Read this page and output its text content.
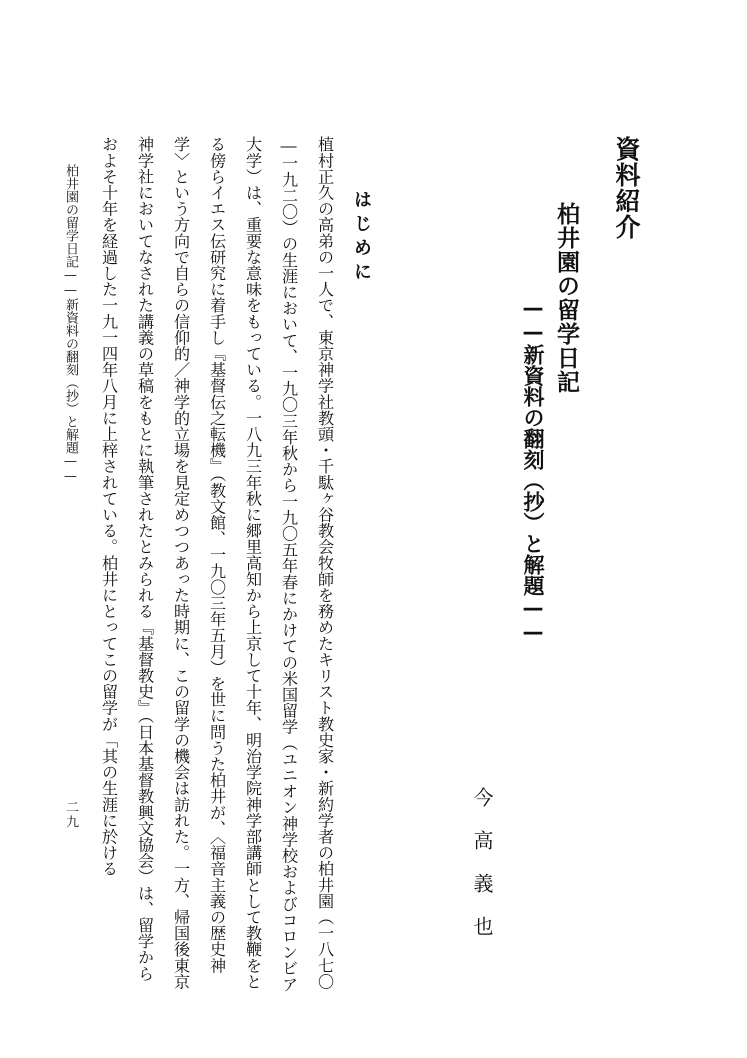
資料紹介
柏井園の留学日記
——新資料の翻刻（抄）と解題——
今高義也
はじめに
植村正久の高弟の一人で、東京神学社教頭・千駄ヶ谷教会牧師を務めたキリスト教史家・新約学者の柏井園（一八七〇―一九二〇）の生涯において、一九〇三年秋から一九〇五年春にかけての米国留学（ユニオン神学校およびコロンビア大学）は、重要な意味をもっている。一八九三年秋に郷里高知から上京して十年、明治学院神学部講師として教鞭をとる傍らイエス伝研究に着手し『基督伝之転機』（教文館、一九〇三年五月）を世に問うた柏井が、〈福音主義の歴史神学〉という方向で自らの信仰的／神学的立場を見定めつつあった時期に、この留学の機会は訪れた。一方、帰国後東京神学社においてなされた講義の草稿をもとに執筆されたとみられる『基督教史』（日本基督教興文協会）は、留学からおよそ十年を経過した一九一四年八月に上梓されている。柏井にとってこの留学が「其の生涯に於ける
柏井園の留学日記——新資料の翻刻（抄）と解題——
二九
